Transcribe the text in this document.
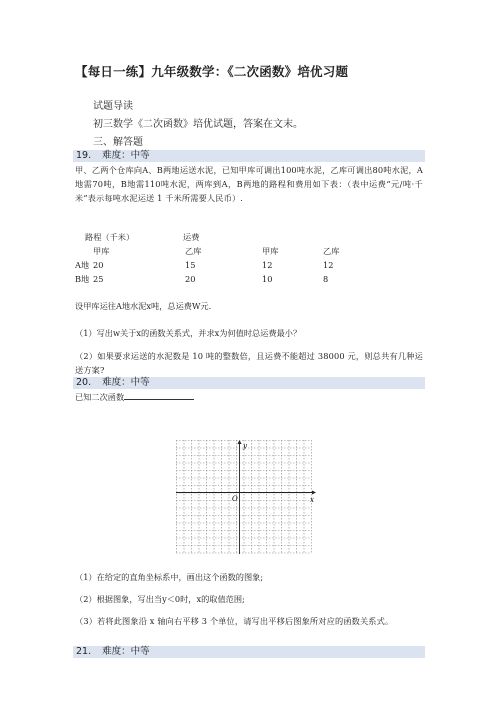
【每日一练】九年级数学：《二次函数》培优习题
试题导读
初三数学《二次函数》培优试题，答案在文末。
三、解答题
19. 难度：中等
甲、乙两个仓库向A、B两地运送水泥，已知甲库可调出100吨水泥，乙库可调出80吨水泥，A地需70吨，B地需110吨水泥，两库到A，B两地的路程和费用如下表：（表中运费“元/吨·千米”表示每吨水泥运送 1 千米所需要人民币）.
路程（千米）	运费
甲库	乙库	甲库	乙库
A地 20	15	12	12
B地 25	20	10	8
设甲库运往A地水泥x吨，总运费W元.
（1）写出w关于x的函数关系式，并求x为何值时总运费最小？
（2）如果要求运送的水泥数是 10 吨的整数倍，且运费不能超过 38000 元，则总共有几种运送方案?
20. 难度：中等
已知二次函数
y
x
O
（1）在给定的直角坐标系中，画出这个函数的图象;
（2）根据图象，写出当y＜0时，x的取值范围;
（3）若将此图象沿 x 轴向右平移 3 个单位，请写出平移后图象所对应的函数关系式。
21. 难度：中等
